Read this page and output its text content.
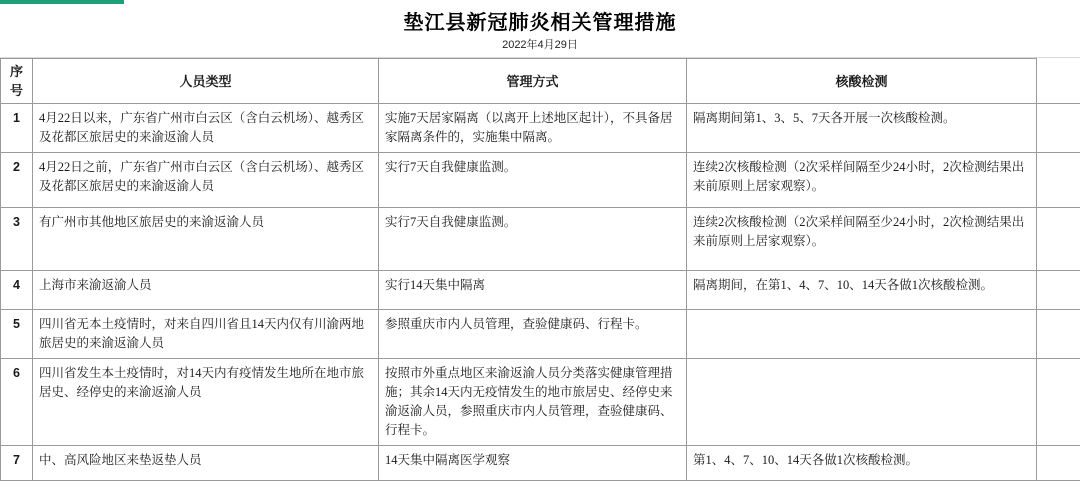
垫江县新冠肺炎相关管理措施
2022年4月29日
序号	人员类型	管理方式	核酸检测	
1	4月22日以来，广东省广州市白云区（含白云机场）、越秀区及花都区旅居史的来渝返渝人员	实施7天居家隔离（以离开上述地区起计），不具备居家隔离条件的，实施集中隔离。	隔离期间第1、3、5、7天各开展一次核酸检测。	
2	4月22日之前，广东省广州市白云区（含白云机场）、越秀区及花都区旅居史的来渝返渝人员	实行7天自我健康监测。	连续2次核酸检测（2次采样间隔至少24小时，2次检测结果出来前原则上居家观察）。	
3	有广州市其他地区旅居史的来渝返渝人员	实行7天自我健康监测。	连续2次核酸检测（2次采样间隔至少24小时，2次检测结果出来前原则上居家观察）。	
4	上海市来渝返渝人员	实行14天集中隔离	隔离期间，在第1、4、7、10、14天各做1次核酸检测。	
5	四川省无本土疫情时，对来自四川省且14天内仅有川渝两地旅居史的来渝返渝人员	参照重庆市内人员管理，查验健康码、行程卡。		
6	四川省发生本土疫情时，对14天内有疫情发生地所在地市旅居史、经停史的来渝返渝人员	按照市外重点地区来渝返渝人员分类落实健康管理措施；其余14天内无疫情发生的地市旅居史、经停史来渝返渝人员，参照重庆市内人员管理，查验健康码、行程卡。		
7	中、高风险地区来垫返垫人员	14天集中隔离医学观察	第1、4、7、10、14天各做1次核酸检测。	
